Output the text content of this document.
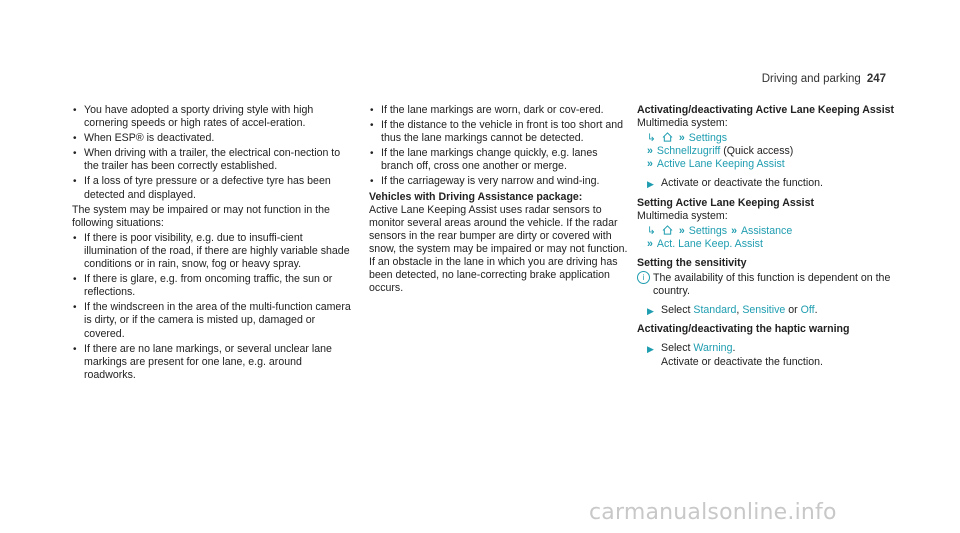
Driving and parking 247
• You have adopted a sporty driving style with high cornering speeds or high rates of accel-eration.
• When ESP® is deactivated.
• When driving with a trailer, the electrical con-nection to the trailer has been correctly established.
• If a loss of tyre pressure or a defective tyre has been detected and displayed.

The system may be impaired or may not function in the following situations:

• If there is poor visibility, e.g. due to insuffi-cient illumination of the road, if there are highly variable shade conditions or in rain, snow, fog or heavy spray.
• If there is glare, e.g. from oncoming traffic, the sun or reflections.
• If the windscreen in the area of the multi-function camera is dirty, or if the camera is misted up, damaged or covered.
• If there are no lane markings, or several unclear lane markings are present for one lane, e.g. around roadworks.
• If the lane markings are worn, dark or cov-ered.
• If the distance to the vehicle in front is too short and thus the lane markings cannot be detected.
• If the lane markings change quickly, e.g. lanes branch off, cross one another or merge.
• If the carriageway is very narrow and wind-ing.
Vehicles with Driving Assistance package:

Active Lane Keeping Assist uses radar sensors to monitor several areas around the vehicle. If the radar sensors in the rear bumper are dirty or covered with snow, the system may be impaired or may not function. If an obstacle in the lane in which you are driving has been detected, no lane-correcting brake application occurs.

Activating/deactivating Active Lane Keeping Assist

Multimedia system:

↳ » Settings
» Schnellzugriff (Quick access)
» Active Lane Keeping Assist
▶ Activate or deactivate the function.
Setting Active Lane Keeping Assist

Multimedia system:

↳ » Settings » Assistance
» Act. Lane Keep. Assist
Setting the sensitivity
i The availability of this function is dependent on the country.
▶ Select Standard, Sensitive or Off.
Activating/deactivating the haptic warning
▶ Select Warning.
Activate or deactivate the function.
carmanualsonline.info
